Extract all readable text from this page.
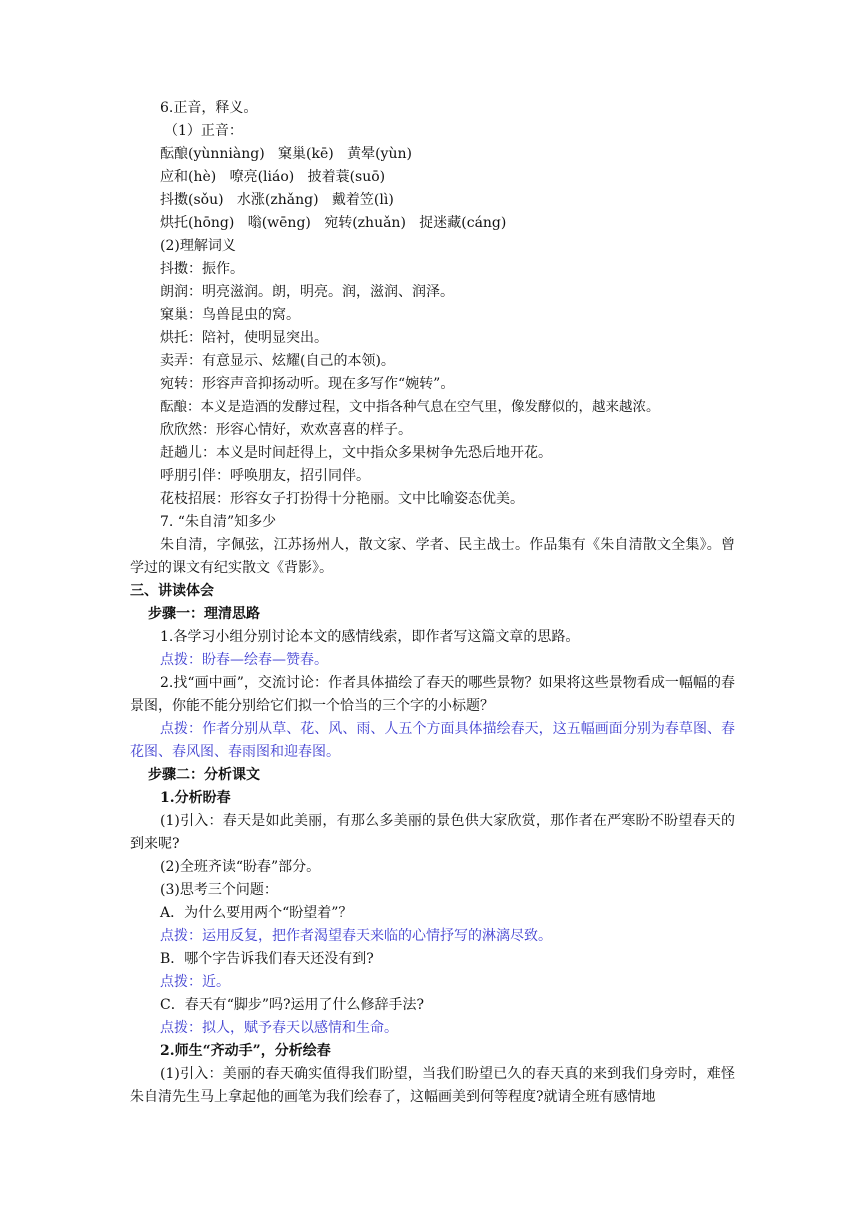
6.正音，释义。
（1）正音：
酝酿(yùnniàng)   窠巢(kē)   黄晕(yùn)
应和(hè)   嘹亮(liáo)   披着蓑(suō)
抖擞(sǒu)   水涨(zhǎng)   戴着笠(lì)
烘托(hōng)   嗡(wēng)   宛转(zhuǎn)   捉迷藏(cáng)
(2)理解词义
抖擞：振作。
朗润：明亮滋润。朗，明亮。润，滋润、润泽。
窠巢：鸟兽昆虫的窝。
烘托：陪衬，使明显突出。
卖弄：有意显示、炫耀(自己的本领)。
宛转：形容声音抑扬动听。现在多写作“婉转”。
酝酿：本义是造酒的发酵过程，文中指各种气息在空气里，像发酵似的，越来越浓。
欣欣然：形容心情好，欢欢喜喜的样子。
赶趟儿：本义是时间赶得上，文中指众多果树争先恐后地开花。
呼朋引伴：呼唤朋友，招引同伴。
花枝招展：形容女子打扮得十分艳丽。文中比喻姿态优美。
7. “朱自清”知多少
朱自清，字佩弦，江苏扬州人，散文家、学者、民主战士。作品集有《朱自清散文全集》。曾学过的课文有纪实散文《背影》。
三、讲读体会
步骤一：理清思路
1.各学习小组分别讨论本文的感情线索，即作者写这篇文章的思路。
点拨：盼春—绘春—赞春。
2.找“画中画”，交流讨论：作者具体描绘了春天的哪些景物？如果将这些景物看成一幅幅的春景图，你能不能分别给它们拟一个恰当的三个字的小标题？
点拨：作者分别从草、花、风、雨、人五个方面具体描绘春天，这五幅画面分别为春草图、春花图、春风图、春雨图和迎春图。
步骤二：分析课文
1.分析盼春
(1)引入：春天是如此美丽，有那么多美丽的景色供大家欣赏，那作者在严寒盼不盼望春天的到来呢?
(2)全班齐读“盼春”部分。
(3)思考三个问题：
A．为什么要用两个“盼望着”？
点拨：运用反复，把作者渴望春天来临的心情抒写的淋漓尽致。
B．哪个字告诉我们春天还没有到?
点拨：近。
C．春天有“脚步”吗?运用了什么修辞手法?
点拨：拟人，赋予春天以感情和生命。
2.师生“齐动手”，分析绘春
(1)引入：美丽的春天确实值得我们盼望，当我们盼望已久的春天真的来到我们身旁时，难怪朱自清先生马上拿起他的画笔为我们绘春了，这幅画美到何等程度?就请全班有感情地
